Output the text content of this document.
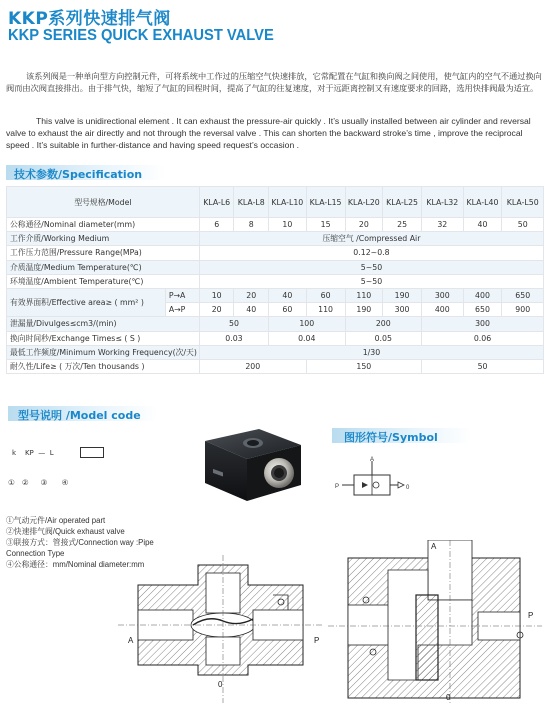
KKP系列快速排气阀
KKP SERIES QUICK EXHAUST VALVE
该系列阀是一种单向型方向控制元件，可将系统中工作过的压缩空气快速排放，它常配置在气缸和换向阀之间使用，使气缸内的空气不通过换向阀而由次阀直接排出。由于排气快，缩短了气缸的回程时间，提高了气缸的往复速度，对于远距离控制又有速度要求的回路，选用快排阀最为适宜。
This valve is unidirectional element . It can exhaust the pressure-air quickly . It’s usually installed between air cylinder and reversal valve to exhaust the air directly and not through the reversal valve . This can shorten the backward stroke’s time , improve the reciprocal speed . It’s suitable in further-distance and having speed request’s occasion .
技术参数/Specification
型号规格/Model		KLA-L6	KLA-L8	KLA-L10	KLA-L15	KLA-L20	KLA-L25	KLA-L32	KLA-L40	KLA-L50
公称通径/Nominal diameter(mm)		6	8	10	15	20	25	32	40	50
工作介质/Working Medium		压缩空气 /Compressed Air								
工作压力范围/Pressure Range(MPa)		0.12~0.8								
介质温度/Medium Temperature(℃)		5~50								
环境温度/Ambient Temperature(℃)		5~50								
有效界面积/Effective area≥ ( mm² )	P→A	10	20	40	60	110	190	300	400	650
	A→P	20	40	60	110	190	300	400	650	900
泄漏量/Divulges≤cm3/(min)		50		100		200		300		
换向时间秒/Exchange Times≤ ( S )		0.03		0.04		0.05		0.06		
最低工作频度/Minimum Working Frequency(次/天)		1/30								
耐久性/Life≥ ( 万次/Ten thousands )		200			150			50		
型号说明 /Model code
k KP — L
① ② ③ ④
①气动元件/Air operated part
②快速排气阀/Quick exhaust valve
③联接方式：管接式/Connection way :Pipe
Connection Type
④公称通径：mm/Nominal diameter:mm
图形符号/Symbol
A
P	0
A	P
0
A
P
0
